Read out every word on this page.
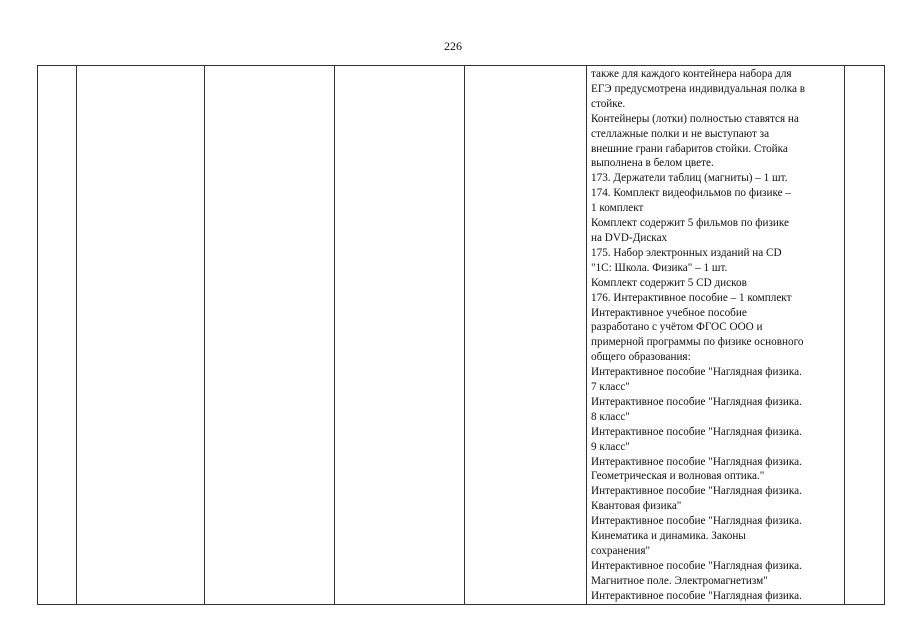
226

также для каждого контейнера набора для
ЕГЭ предусмотрена индивидуальная полка в
стойке.
Контейнеры (лотки) полностью ставятся на
стеллажные полки и не выступают за
внешние грани габаритов стойки. Стойка
выполнена в белом цвете.
173. Держатели таблиц (магниты) – 1 шт.
174. Комплект видеофильмов по физике –
1 комплект
Комплект содержит 5 фильмов по физике
на DVD-Дисках
175. Набор электронных изданий на CD
"1С: Школа. Физика" – 1 шт.
Комплект содержит 5 CD дисков
176. Интерактивное пособие – 1 комплект
Интерактивное учебное пособие
разработано с учётом ФГОС ООО и
примерной программы по физике основного
общего образования:
Интерактивное пособие "Наглядная физика.
7 класс"
Интерактивное пособие "Наглядная физика.
8 класс"
Интерактивное пособие "Наглядная физика.
9 класс"
Интерактивное пособие "Наглядная физика.
Геометрическая и волновая оптика."
Интерактивное пособие "Наглядная физика.
Квантовая физика"
Интерактивное пособие "Наглядная физика.
Кинематика и динамика. Законы
сохранения"
Интерактивное пособие "Наглядная физика.
Магнитное поле. Электромагнетизм"
Интерактивное пособие "Наглядная физика.
